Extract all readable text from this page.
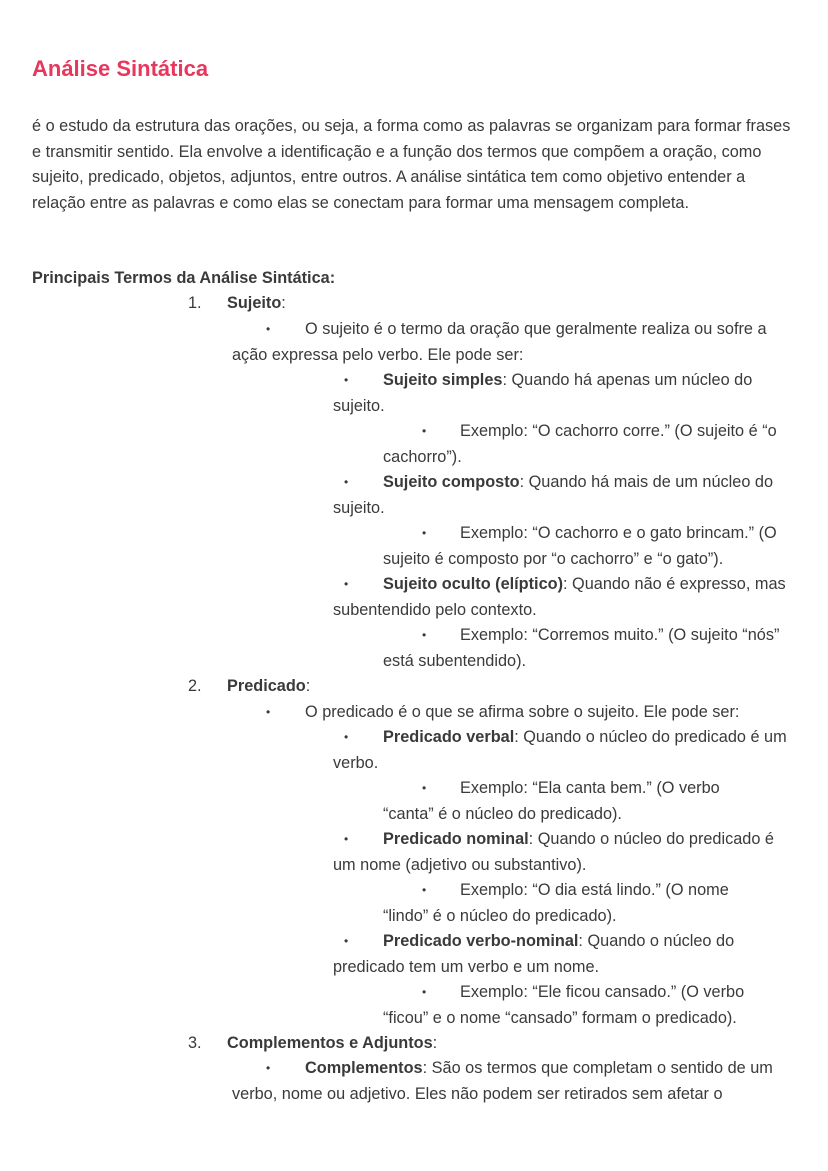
Análise Sintática

é o estudo da estrutura das orações, ou seja, a forma como as palavras se organizam para formar frases e transmitir sentido. Ela envolve a identificação e a função dos termos que compõem a oração, como sujeito, predicado, objetos, adjuntos, entre outros. A análise sintática tem como objetivo entender a relação entre as palavras e como elas se conectam para formar uma mensagem completa.

Principais Termos da Análise Sintática:

1. Sujeito:

•	O sujeito é o termo da oração que geralmente realiza ou sofre a ação expressa pelo verbo. Ele pode ser:

•	Sujeito simples: Quando há apenas um núcleo do sujeito.

•	Exemplo: “O cachorro corre.” (O sujeito é “o cachorro”).

•	Sujeito composto: Quando há mais de um núcleo do sujeito.

•	Exemplo: “O cachorro e o gato brincam.” (O sujeito é composto por “o cachorro” e “o gato”).

•	Sujeito oculto (elíptico): Quando não é expresso, mas subentendido pelo contexto.

•	Exemplo: “Corremos muito.” (O sujeito “nós” está subentendido).

2. Predicado:

• O predicado é o que se afirma sobre o sujeito. Ele pode ser:

•	Predicado verbal: Quando o núcleo do predicado é um verbo.

•	Exemplo: “Ela canta bem.” (O verbo “canta” é o núcleo do predicado).

•	Predicado nominal: Quando o núcleo do predicado é um nome (adjetivo ou substantivo).

•	Exemplo: “O dia está lindo.” (O nome “lindo” é o núcleo do predicado).

•	Predicado verbo-nominal: Quando o núcleo do predicado tem um verbo e um nome.

•	Exemplo: “Ele ficou cansado.” (O verbo “ficou” e o nome “cansado” formam o predicado).

3. Complementos e Adjuntos:

•	Complementos: São os termos que completam o sentido de um verbo, nome ou adjetivo. Eles não podem ser retirados sem afetar o
